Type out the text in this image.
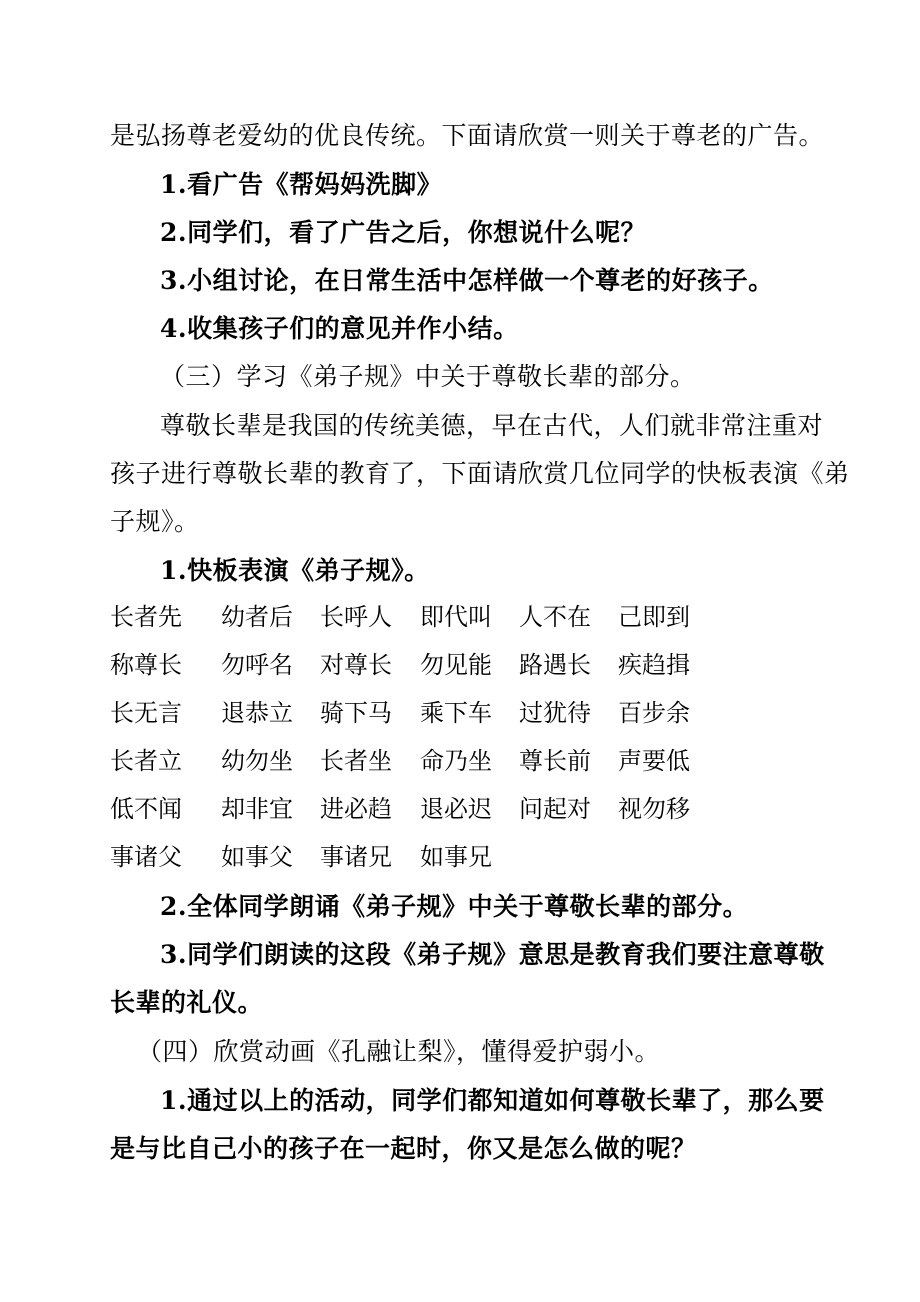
是弘扬尊老爱幼的优良传统。下面请欣赏一则关于尊老的广告。
1.看广告《帮妈妈洗脚》
2.同学们，看了广告之后，你想说什么呢？
3.小组讨论，在日常生活中怎样做一个尊老的好孩子。
4.收集孩子们的意见并作小结。
（三）学习《弟子规》中关于尊敬长辈的部分。
尊敬长辈是我国的传统美德，早在古代，人们就非常注重对
孩子进行尊敬长辈的教育了，下面请欣赏几位同学的快板表演《弟
子规》。
1.快板表演《弟子规》。
长者先 幼者后 长呼人 即代叫 人不在 己即到
称尊长 勿呼名 对尊长 勿见能 路遇长 疾趋揖
长无言 退恭立 骑下马 乘下车 过犹待 百步余
长者立 幼勿坐 长者坐 命乃坐 尊长前 声要低
低不闻 却非宜 进必趋 退必迟 问起对 视勿移
事诸父 如事父 事诸兄 如事兄
2.全体同学朗诵《弟子规》中关于尊敬长辈的部分。
3.同学们朗读的这段《弟子规》意思是教育我们要注意尊敬
长辈的礼仪。
（四）欣赏动画《孔融让梨》，懂得爱护弱小。
1.通过以上的活动，同学们都知道如何尊敬长辈了，那么要
是与比自己小的孩子在一起时，你又是怎么做的呢？
